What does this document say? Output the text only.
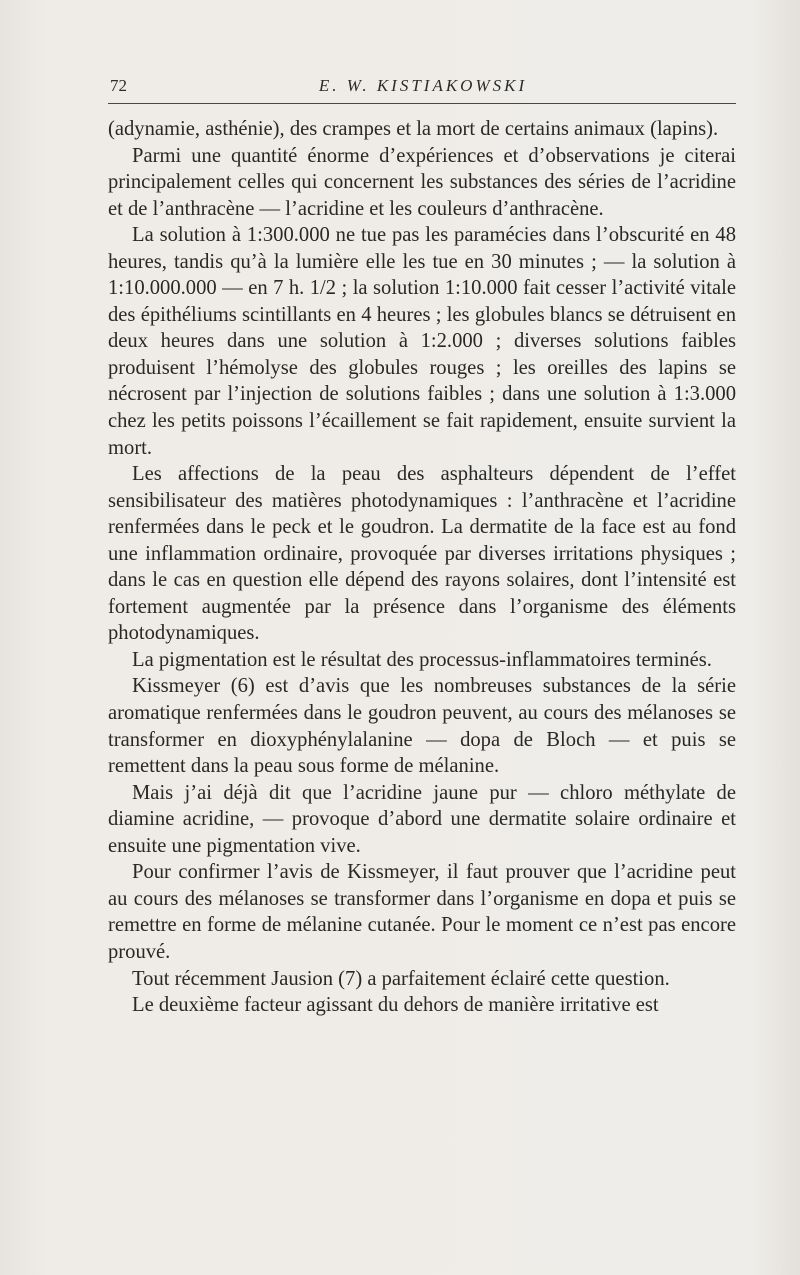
72	E. W. KISTIAKOWSKI

(adynamie, asthénie), des crampes et la mort de certains animaux (lapins).

Parmi une quantité énorme d’expériences et d’observations je citerai principalement celles qui concernent les substances des séries de l’acridine et de l’anthracène — l’acridine et les couleurs d’anthracène.

La solution à 1:300.000 ne tue pas les paramécies dans l’obscurité en 48 heures, tandis qu’à la lumière elle les tue en 30 minutes ; — la solution à 1:10.000.000 — en 7 h. 1/2 ; la solution 1:10.000 fait cesser l’activité vitale des épithéliums scintillants en 4 heures ; les globules blancs se détruisent en deux heures dans une solution à 1:2.000 ; diverses solutions faibles produisent l’hémolyse des globules rouges ; les oreilles des lapins se nécrosent par l’injection de solutions faibles ; dans une solution à 1:3.000 chez les petits poissons l’écaillement se fait rapidement, ensuite survient la mort.

Les affections de la peau des asphalteurs dépendent de l’effet sensibilisateur des matières photodynamiques : l’anthracène et l’acridine renfermées dans le peck et le goudron. La dermatite de la face est au fond une inflammation ordinaire, provoquée par diverses irritations physiques ; dans le cas en question elle dépend des rayons solaires, dont l’intensité est fortement augmentée par la présence dans l’organisme des éléments photodynamiques.

La pigmentation est le résultat des processus-inflammatoires terminés.

Kissmeyer (6) est d’avis que les nombreuses substances de la série aromatique renfermées dans le goudron peuvent, au cours des mélanoses se transformer en dioxyphénylalanine — dopa de Bloch — et puis se remettent dans la peau sous forme de mélanine.

Mais j’ai déjà dit que l’acridine jaune pur — chloro méthylate de diamine acridine, — provoque d’abord une dermatite solaire ordinaire et ensuite une pigmentation vive.

Pour confirmer l’avis de Kissmeyer, il faut prouver que l’acridine peut au cours des mélanoses se transformer dans l’organisme en dopa et puis se remettre en forme de mélanine cutanée. Pour le moment ce n’est pas encore prouvé.

Tout récemment Jausion (7) a parfaitement éclairé cette question.

Le deuxième facteur agissant du dehors de manière irritative est
